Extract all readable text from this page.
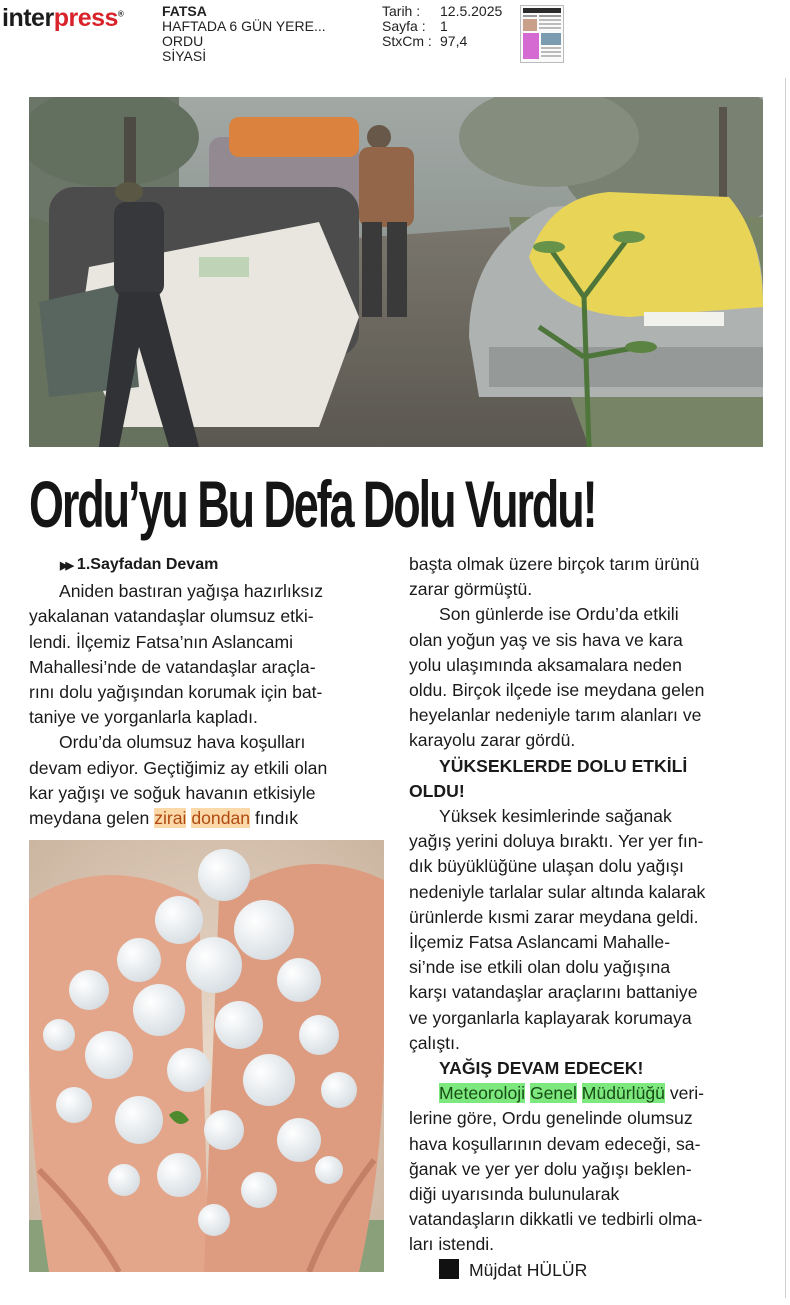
interpress®	FATSA
HAFTADA 6 GÜN YERE...
ORDU
SİYASİ
Tarih : 12.5.2025
Sayfa : 1
StxCm : 97,4
Ordu’yu Bu Defa Dolu Vurdu!
▶▶ 1.Sayfadan Devam
Aniden bastıran yağışa hazırlıksız
yakalanan vatandaşlar olumsuz etki-
lendi. İlçemiz Fatsa’nın Aslancami
Mahallesi’nde de vatandaşlar araçla-
rını dolu yağışından korumak için bat-
taniye ve yorganlarla kapladı.
Ordu’da olumsuz hava koşulları
devam ediyor. Geçtiğimiz ay etkili olan
kar yağışı ve soğuk havanın etkisiyle
meydana gelen zirai dondan fındık
başta olmak üzere birçok tarım ürünü
zarar görmüştü.
Son günlerde ise Ordu’da etkili
olan yoğun yaş ve sis hava ve kara
yolu ulaşımında aksamalara neden
oldu. Birçok ilçede ise meydana gelen
heyelanlar nedeniyle tarım alanları ve
karayolu zarar gördü.
YÜKSEKLERDE DOLU ETKİLİ
OLDU!
Yüksek kesimlerinde sağanak
yağış yerini doluya bıraktı. Yer yer fın-
dık büyüklüğüne ulaşan dolu yağışı
nedeniyle tarlalar sular altında kalarak
ürünlerde kısmi zarar meydana geldi.
İlçemiz Fatsa Aslancami Mahalle-
si’nde ise etkili olan dolu yağışına
karşı vatandaşlar araçlarını battaniye
ve yorganlarla kaplayarak korumaya
çalıştı.
YAĞIŞ DEVAM EDECEK!
Meteoroloji Genel Müdürlüğü veri-
lerine göre, Ordu genelinde olumsuz
hava koşullarının devam edeceği, sa-
ğanak ve yer yer dolu yağışı beklen-
diği uyarısında bulunularak
vatandaşların dikkatli ve tedbirli olma-
ları istendi.
Müjdat HÜLÜR
